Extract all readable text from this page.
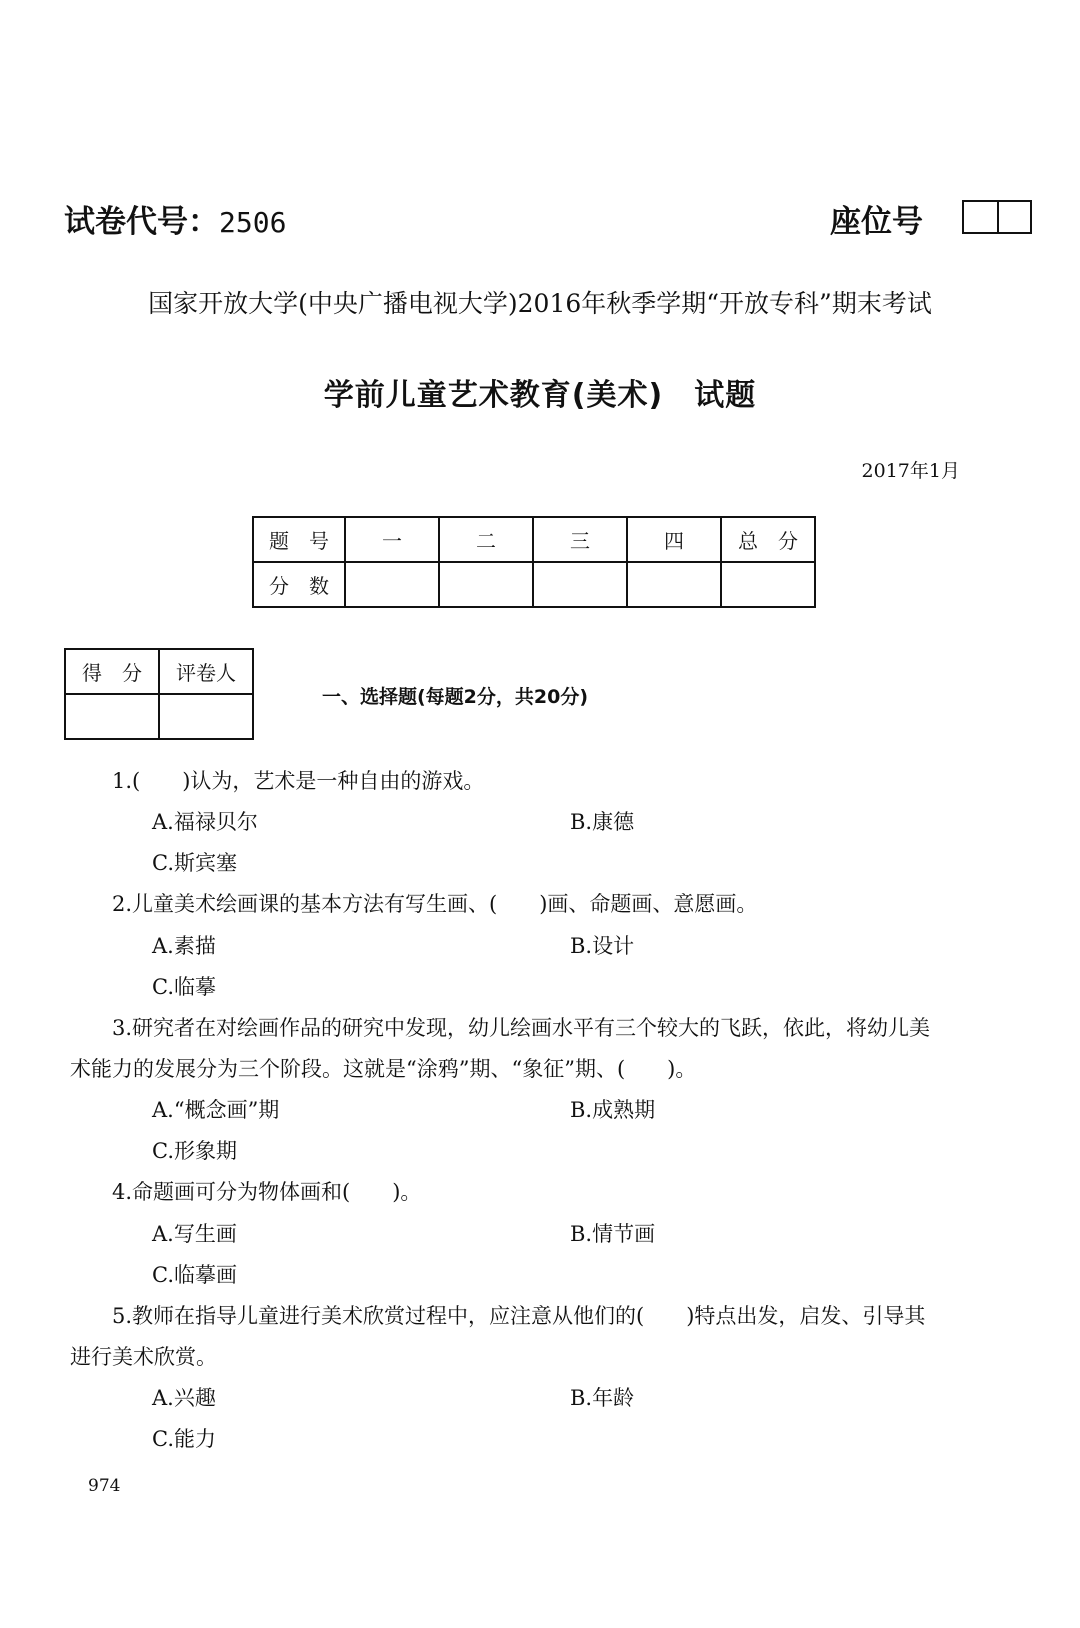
试卷代号：2506	座位号
国家开放大学(中央广播电视大学)2016年秋季学期“开放专科”期末考试
学前儿童艺术教育(美术)　试题
2017年1月
题　号	一	二	三	四	总　分
分　数					
得　分	评卷人

一、选择题(每题2分，共20分)
1.(　　)认为，艺术是一种自由的游戏。
A.福禄贝尔	B.康德
C.斯宾塞
2.儿童美术绘画课的基本方法有写生画、(　　)画、命题画、意愿画。
A.素描	B.设计
C.临摹
3.研究者在对绘画作品的研究中发现，幼儿绘画水平有三个较大的飞跃，依此，将幼儿美
术能力的发展分为三个阶段。这就是“涂鸦”期、“象征”期、(　　)。
A.“概念画”期	B.成熟期
C.形象期
4.命题画可分为物体画和(　　)。
A.写生画	B.情节画
C.临摹画
5.教师在指导儿童进行美术欣赏过程中，应注意从他们的(　　)特点出发，启发、引导其
进行美术欣赏。
A.兴趣	B.年龄
C.能力
974
